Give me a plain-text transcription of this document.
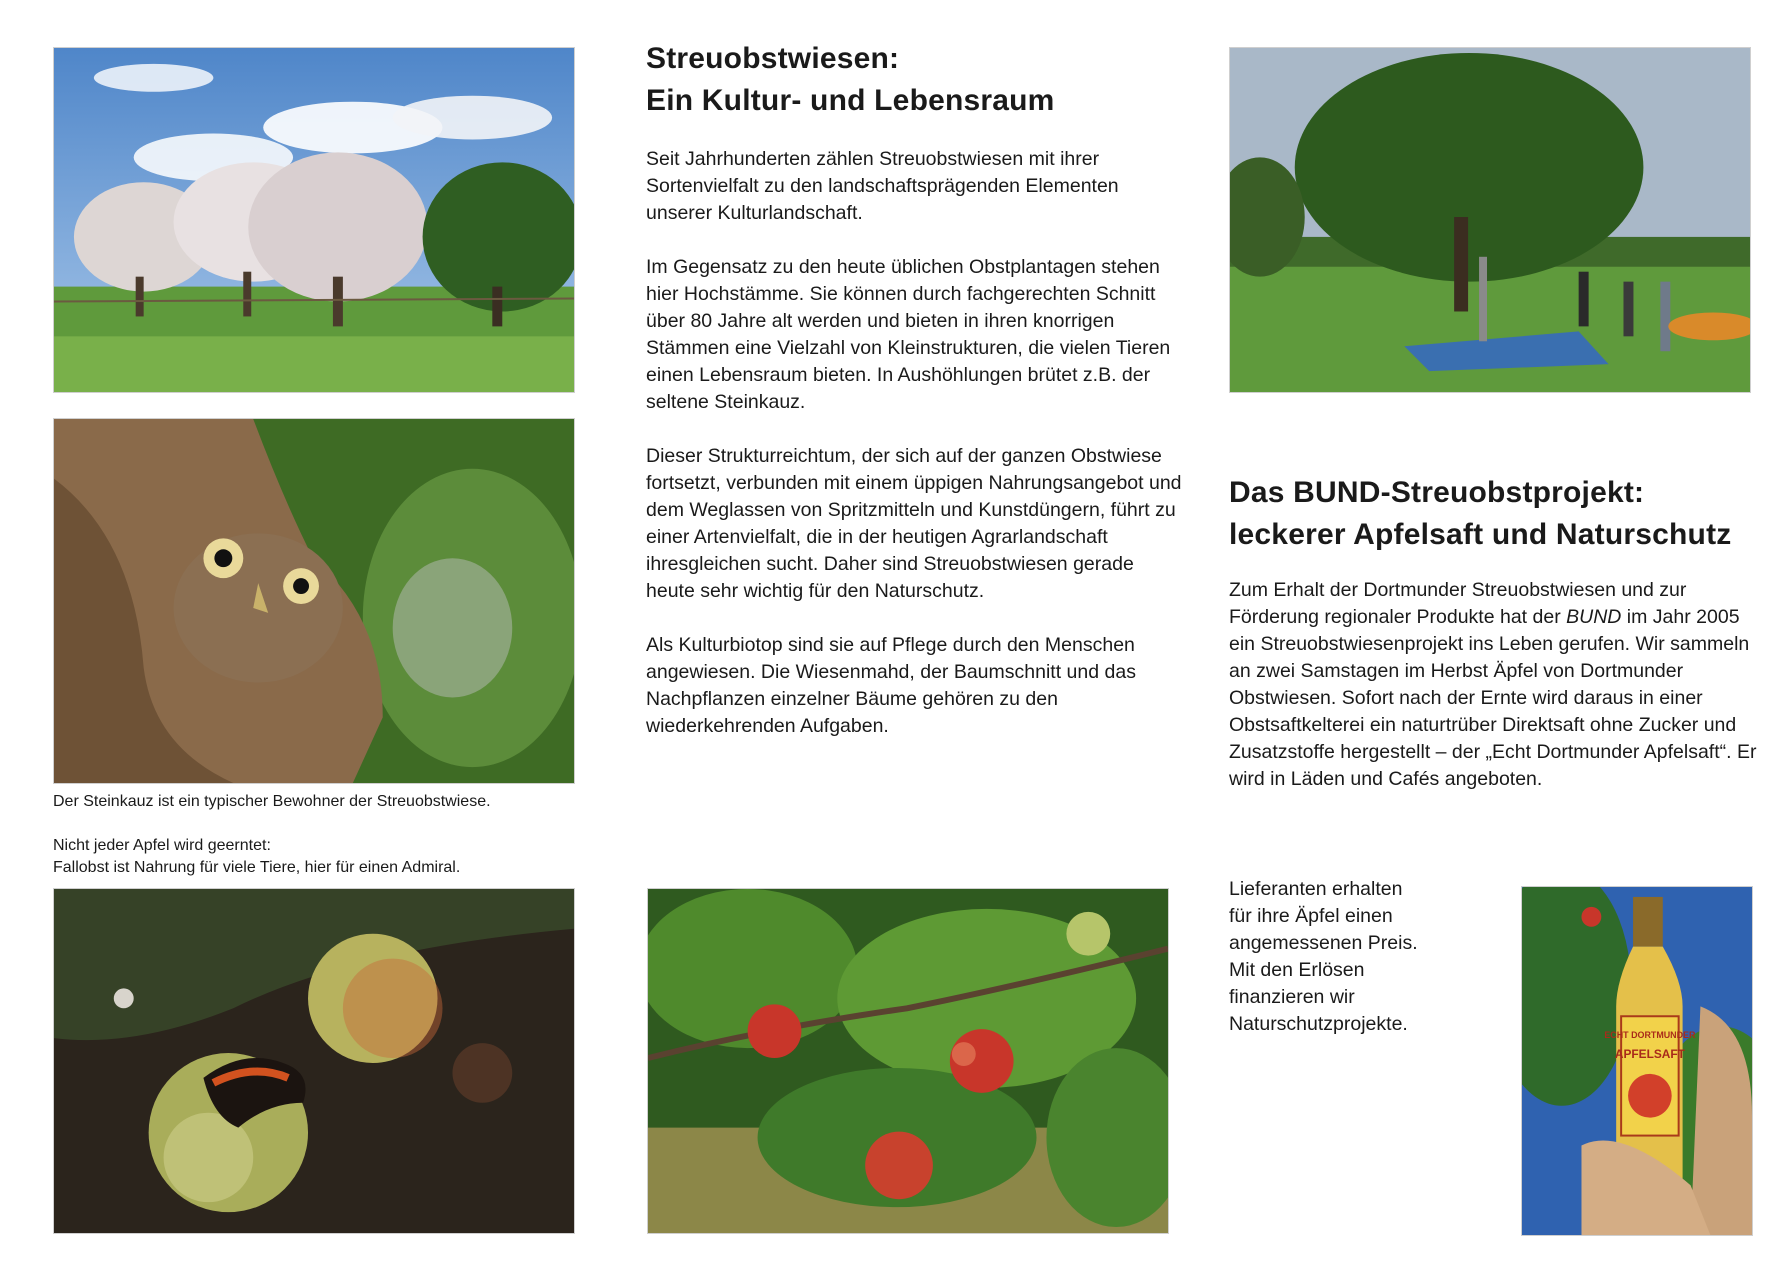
Der Steinkauz ist ein typischer Bewohner der Streuobstwiese.
Nicht jeder Apfel wird geerntet:
Fallobst ist Nahrung für viele Tiere, hier für einen Admiral.
Streuobstwiesen:
Ein Kultur- und Lebensraum

Seit Jahrhunderten zählen Streuobstwiesen mit ihrer Sortenvielfalt zu den landschaftsprägenden Elementen unserer Kulturlandschaft.

Im Gegensatz zu den heute üblichen Obstplantagen stehen hier Hochstämme. Sie können durch fachgerechten Schnitt über 80 Jahre alt werden und bieten in ihren knorrigen Stämmen eine Vielzahl von Kleinstrukturen, die vielen Tieren einen Lebensraum bieten. In Aushöhlungen brütet z.B. der seltene Steinkauz.

Dieser Strukturreichtum, der sich auf der ganzen Obstwiese fortsetzt, verbunden mit einem üppigen Nahrungsangebot und dem Weglassen von Spritzmitteln und Kunstdüngern, führt zu einer Artenvielfalt, die in der heutigen Agrarlandschaft ihresgleichen sucht. Daher sind Streuobstwiesen gerade heute sehr wichtig für den Naturschutz.

Als Kulturbiotop sind sie auf Pflege durch den Menschen angewiesen. Die Wiesenmahd, der Baumschnitt und das Nachpflanzen einzelner Bäume gehören zu den wiederkehrenden Aufgaben.

Das BUND-Streuobstprojekt:
leckerer Apfelsaft und Naturschutz
Zum Erhalt der Dortmunder Streuobstwiesen und zur Förderung regionaler Produkte hat der BUND im Jahr 2005 ein Streuobstwiesenprojekt ins Leben gerufen. Wir sammeln an zwei Samstagen im Herbst Äpfel von Dortmunder Obstwiesen. Sofort nach der Ernte wird daraus in einer Obstsaftkelterei ein naturtrüber Direktsaft ohne Zucker und Zusatzstoffe hergestellt – der „Echt Dortmunder Apfelsaft“. Er wird in Läden und Cafés angeboten.
Lieferanten erhalten für ihre Äpfel einen angemessenen Preis. Mit den Erlösen finanzieren wir Naturschutzprojekte.
ECHT DORTMUNDER
APFELSAFT
